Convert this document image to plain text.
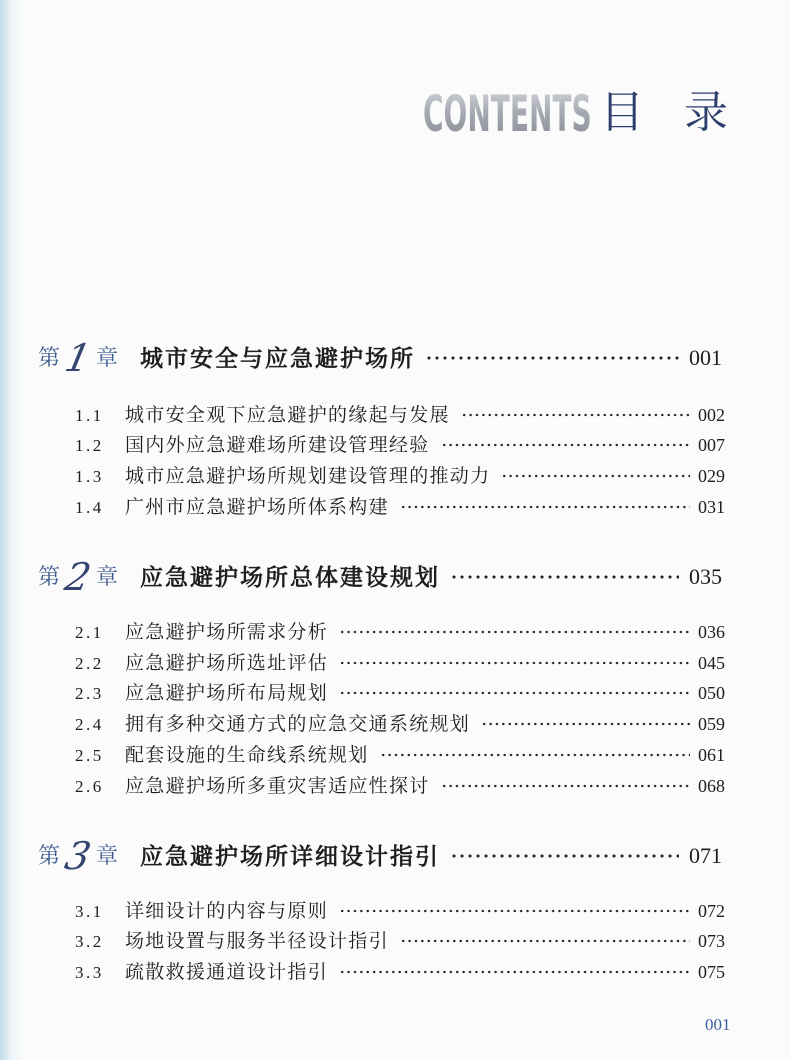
CONTENTS 目 录
第 1 章 城市安全与应急避护场所	001
1.1	城市安全观下应急避护的缘起与发展	002
1.2	国内外应急避难场所建设管理经验	007
1.3	城市应急避护场所规划建设管理的推动力	029
1.4	广州市应急避护场所体系构建	031
第 2 章 应急避护场所总体建设规划	035
2.1	应急避护场所需求分析	036
2.2	应急避护场所选址评估	045
2.3	应急避护场所布局规划	050
2.4	拥有多种交通方式的应急交通系统规划	059
2.5	配套设施的生命线系统规划	061
2.6	应急避护场所多重灾害适应性探讨	068
第 3 章 应急避护场所详细设计指引	071
3.1	详细设计的内容与原则	072
3.2	场地设置与服务半径设计指引	073
3.3	疏散救援通道设计指引	075
001
